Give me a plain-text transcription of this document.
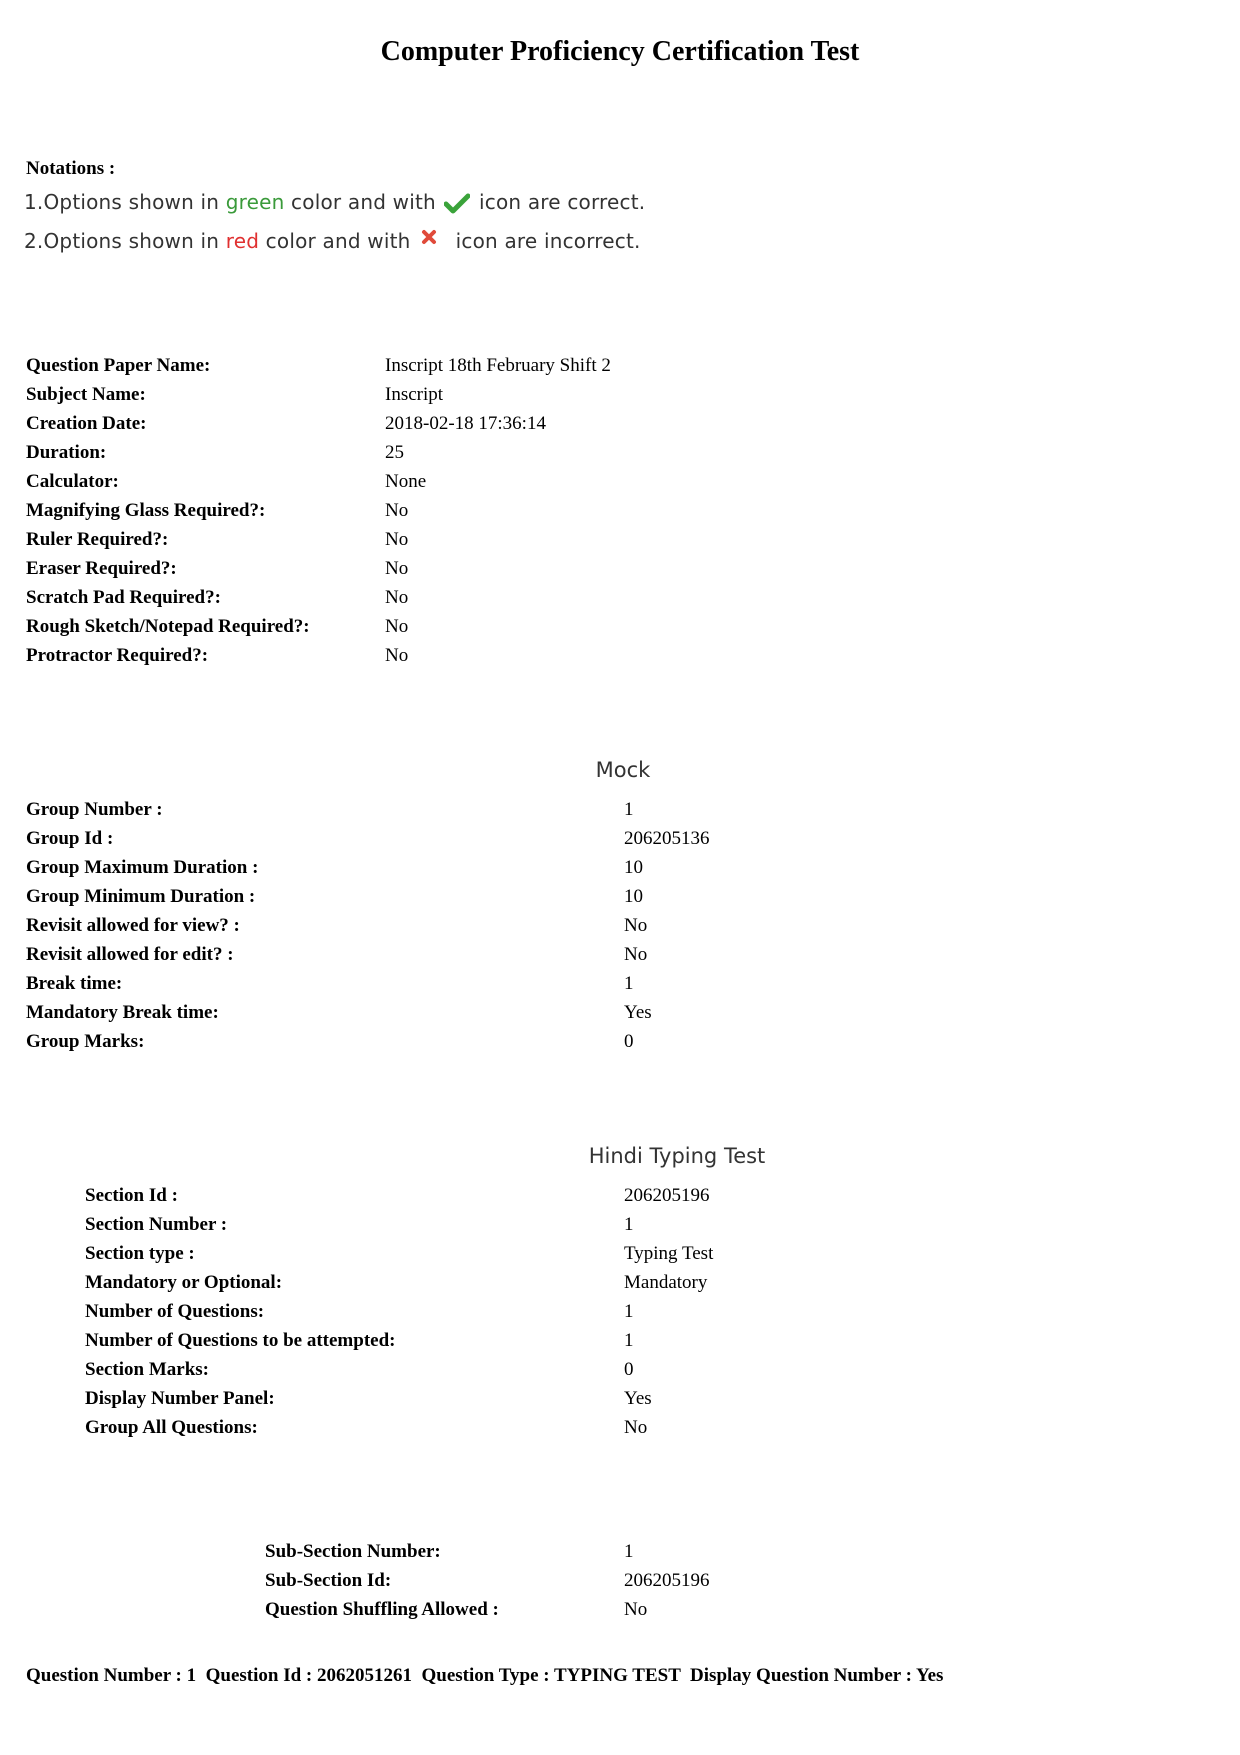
Computer Proficiency Certification Test
Notations :
1.Options shown in green color and with  icon are correct.
2.Options shown in red color and with  icon are incorrect.
Question Paper Name:	Inscript 18th February Shift 2
Subject Name:	Inscript
Creation Date:	2018-02-18 17:36:14
Duration:	25
Calculator:	None
Magnifying Glass Required?:	No
Ruler Required?:	No
Eraser Required?:	No
Scratch Pad Required?:	No
Rough Sketch/Notepad Required?:	No
Protractor Required?:	No
Mock
Group Number :	1
Group Id :	206205136
Group Maximum Duration :	10
Group Minimum Duration :	10
Revisit allowed for view? :	No
Revisit allowed for edit? :	No
Break time:	1
Mandatory Break time:	Yes
Group Marks:	0
Hindi Typing Test
Section Id :	206205196
Section Number :	1
Section type :	Typing Test
Mandatory or Optional:	Mandatory
Number of Questions:	1
Number of Questions to be attempted:	1
Section Marks:	0
Display Number Panel:	Yes
Group All Questions:	No
Sub-Section Number:	1
Sub-Section Id:	206205196
Question Shuffling Allowed :	No
Question Number : 1  Question Id : 2062051261  Question Type : TYPING TEST  Display Question Number : Yes
